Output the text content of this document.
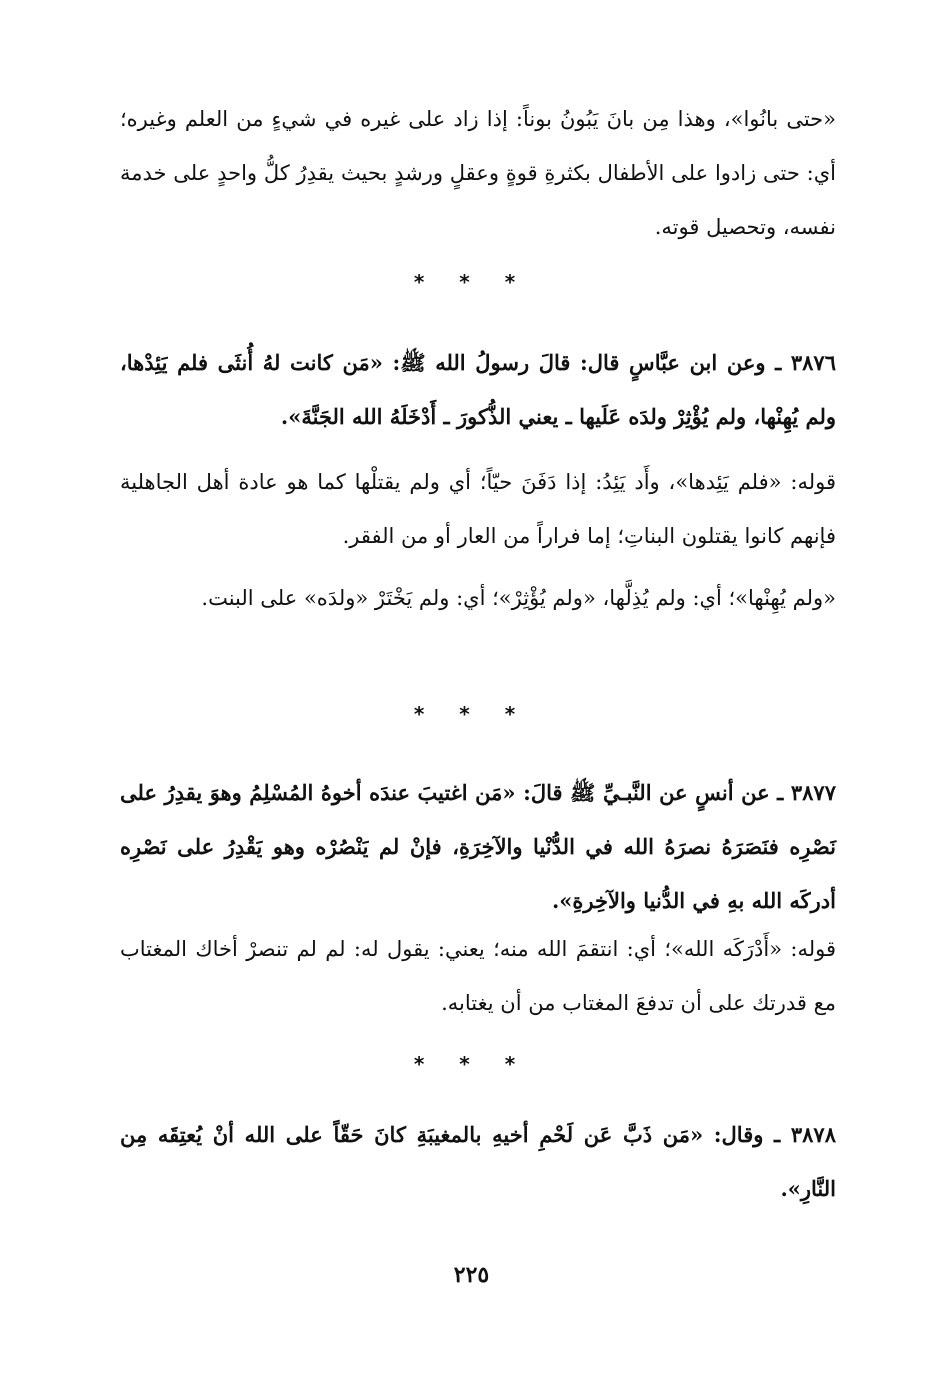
«حتى بانُوا»، وهذا مِن بانَ يَبُونُ بوناً: إذا زاد على غيره في شيءٍ من العلم وغيره؛ أي: حتى زادوا على الأطفال بكثرةِ قوةٍ وعقلٍ ورشدٍ بحيث يقدِرُ كلُّ واحدٍ على خدمة نفسه، وتحصيل قوته.

* * *

٣٨٧٦ ـ وعن ابن عبَّاسٍ قال: قالَ رسولُ الله ﷺ: «مَن كانت لهُ أُنثَى فلم يَئِدْها، ولم يُهِنْها، ولم يُؤْثِرْ ولدَه عَلَيها ـ يعني الذُّكورَ ـ أَدْخَلَهُ الله الجَنَّةَ».

قوله: «فلم يَئِدها»، وأَد يَئِدُ: إذا دَفَنَ حيّاً؛ أي ولم يقتلْها كما هو عادة أهل الجاهلية فإنهم كانوا يقتلون البناتِ؛ إما فراراً من العار أو من الفقر.

«ولم يُهِنْها»؛ أي: ولم يُذِلَّها، «ولم يُؤْثِرْ»؛ أي: ولم يَخْتَرْ «ولدَه» على البنت.

* * *

٣٨٧٧ ـ عن أنسٍ عن النَّبـيِّ ﷺ قالَ: «مَن اغتيبَ عندَه أخوهُ المُسْلِمُ وهوَ يقدِرُ على نَصْرِه فنَصَرَهُ نصرَهُ الله في الدُّنْيا والآخِرَةِ، فإنْ لم يَنْصُرْه وهو يَقْدِرُ على نَصْرِه أدركَه الله بهِ في الدُّنيا والآخِرةِ».

قوله: «أَدْرَكَه الله»؛ أي: انتقمَ الله منه؛ يعني: يقول له: لم لم تنصرْ أخاك المغتاب مع قدرتك على أن تدفعَ المغتاب من أن يغتابه.

* * *

٣٨٧٨ ـ وقال: «مَن ذَبَّ عَن لَحْمِ أخيهِ بالمغيبَةِ كانَ حَقّاً على الله أنْ يُعتِقَه مِن النَّارِ».

٢٢٥
